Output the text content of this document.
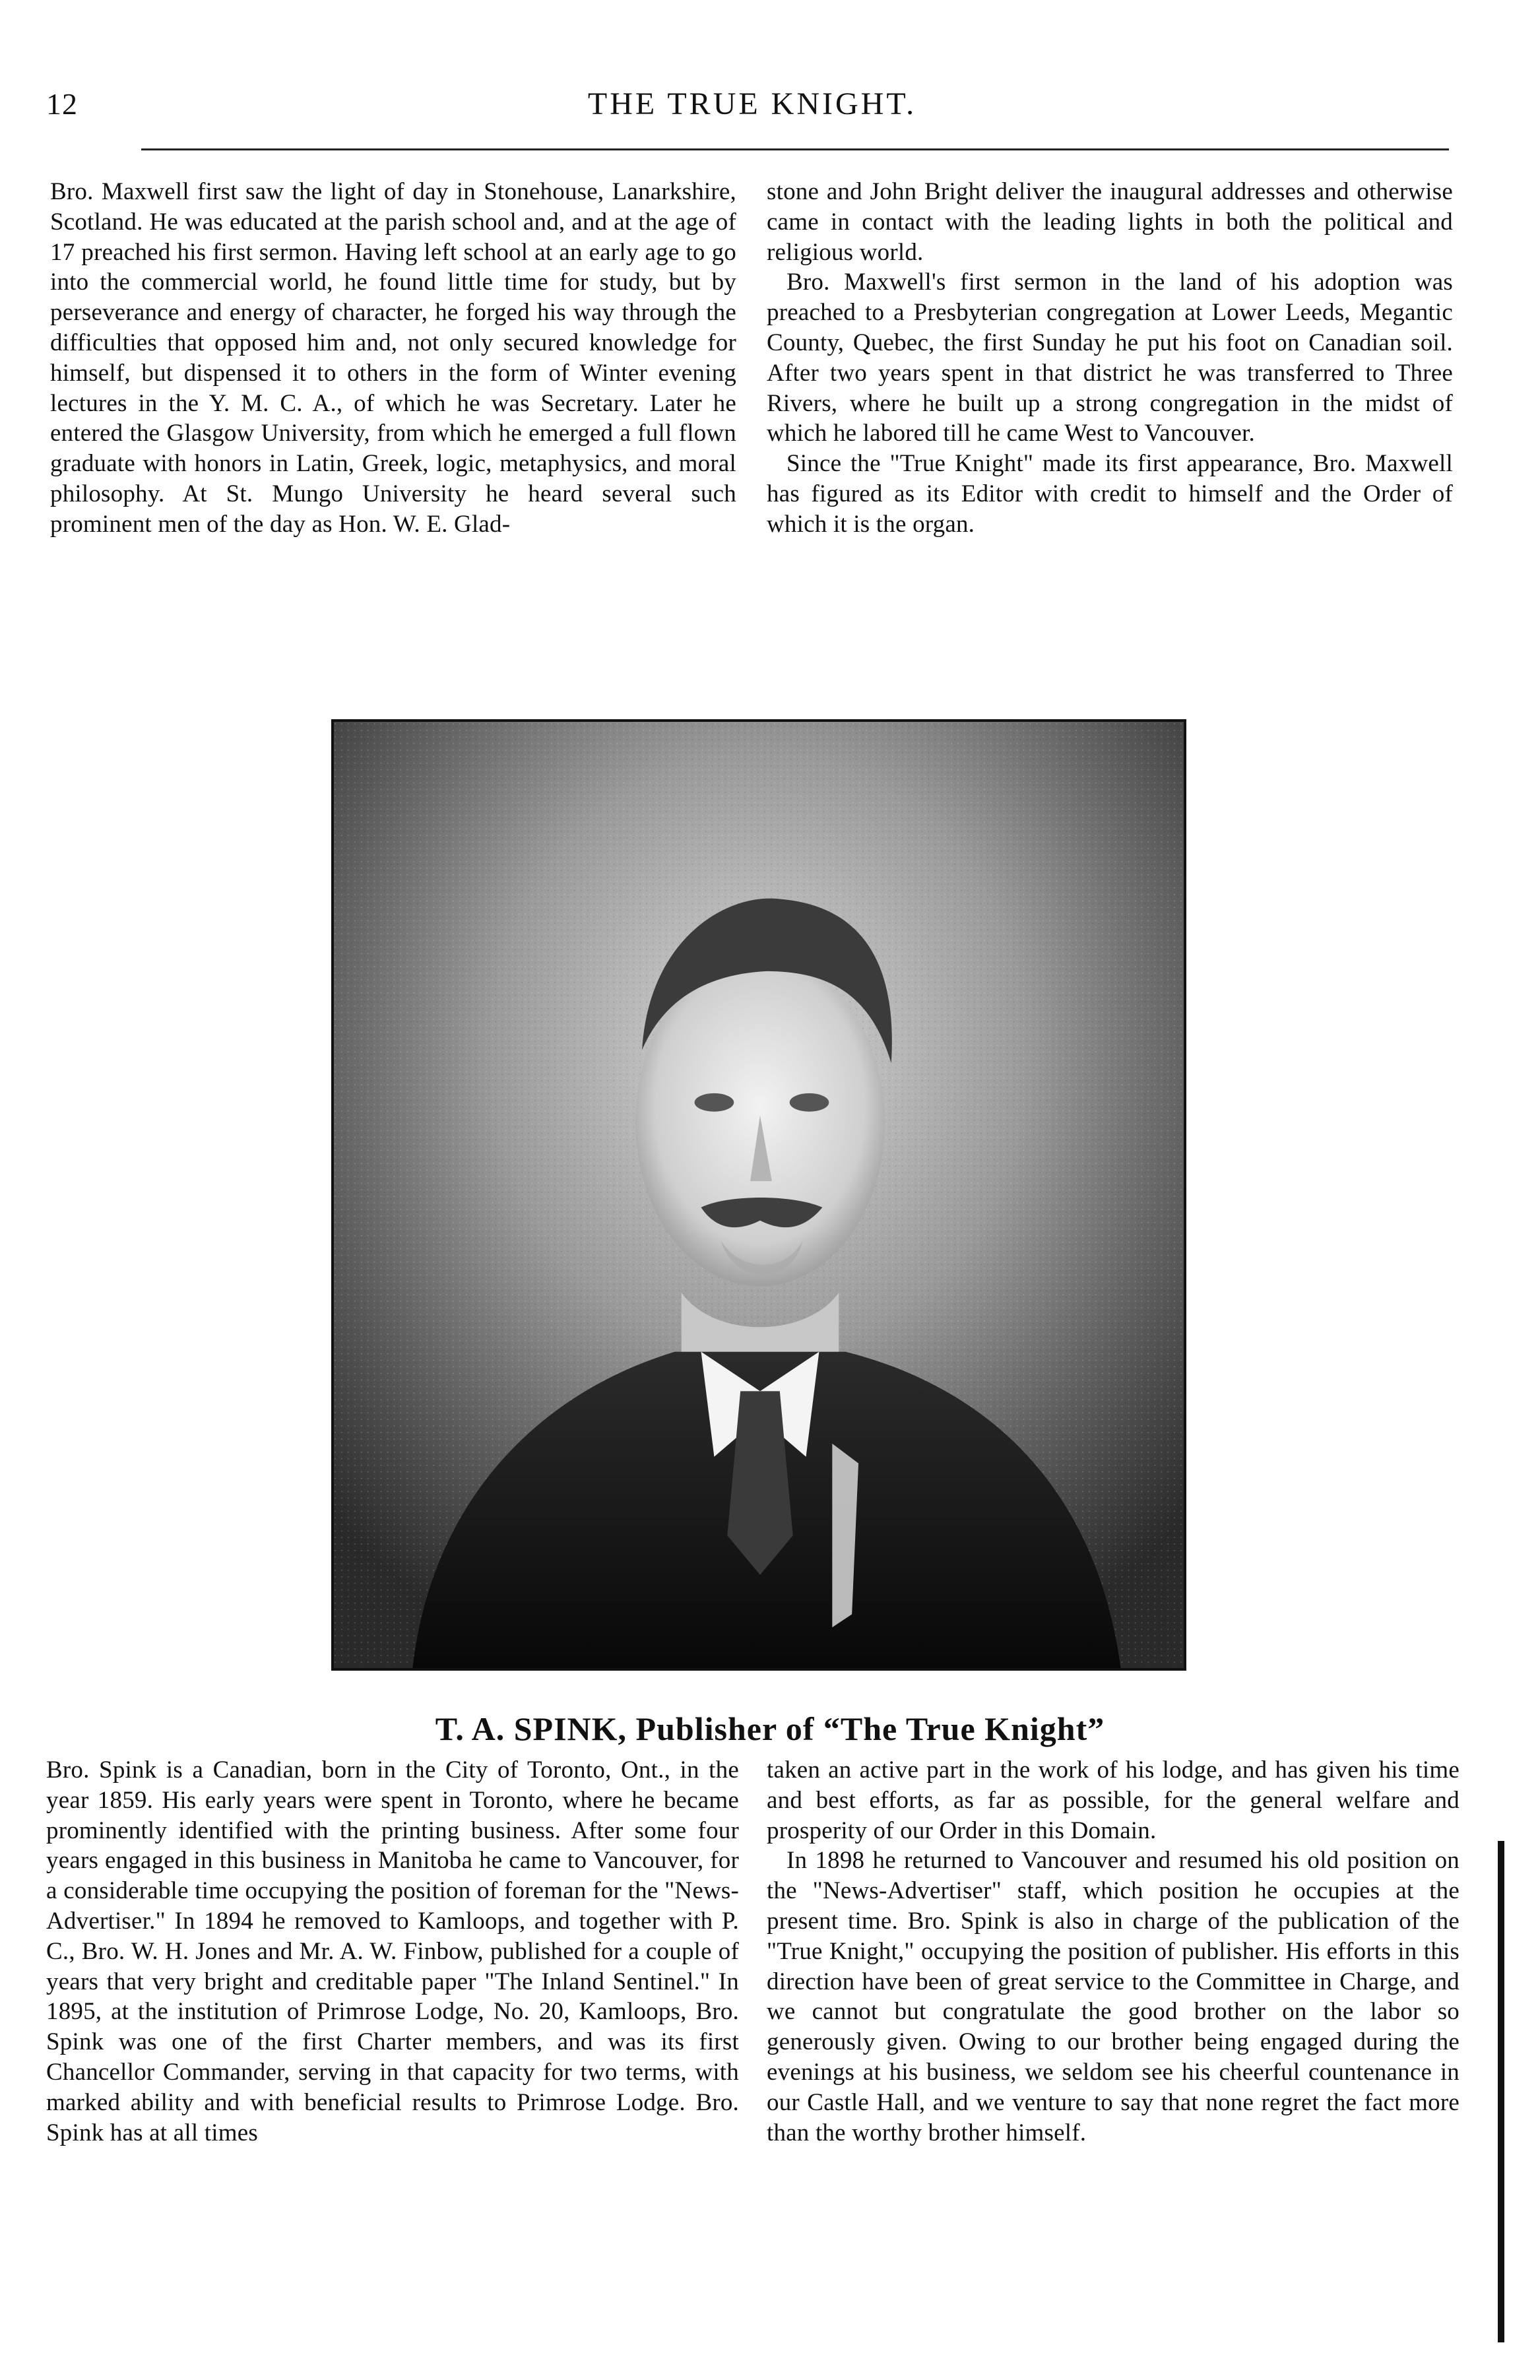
12	THE TRUE KNIGHT.

Bro. Maxwell first saw the light of day in Stonehouse, Lanarkshire, Scotland. He was educated at the parish school and, and at the age of 17 preached his first sermon. Having left school at an early age to go into the commercial world, he found little time for study, but by perseverance and energy of character, he forged his way through the difficulties that opposed him and, not only secured knowledge for himself, but dispensed it to others in the form of Winter evening lectures in the Y. M. C. A., of which he was Secretary. Later he entered the Glasgow University, from which he emerged a full flown graduate with honors in Latin, Greek, logic, metaphysics, and moral philosophy. At St. Mungo University he heard several such prominent men of the day as Hon. W. E. Glad-

stone and John Bright deliver the inaugural addresses and otherwise came in contact with the leading lights in both the political and religious world.

Bro. Maxwell's first sermon in the land of his adoption was preached to a Presbyterian congregation at Lower Leeds, Megantic County, Quebec, the first Sunday he put his foot on Canadian soil. After two years spent in that district he was transferred to Three Rivers, where he built up a strong congregation in the midst of which he labored till he came West to Vancouver.

Since the "True Knight" made its first appearance, Bro. Maxwell has figured as its Editor with credit to himself and the Order of which it is the organ.

T. A. SPINK, Publisher of “The True Knight”

Bro. Spink is a Canadian, born in the City of Toronto, Ont., in the year 1859. His early years were spent in Toronto, where he became prominently identified with the printing business. After some four years engaged in this business in Manitoba he came to Vancouver, for a considerable time occupying the position of foreman for the "News-Advertiser." In 1894 he removed to Kamloops, and together with P. C., Bro. W. H. Jones and Mr. A. W. Finbow, published for a couple of years that very bright and creditable paper "The Inland Sentinel." In 1895, at the institution of Primrose Lodge, No. 20, Kamloops, Bro. Spink was one of the first Charter members, and was its first Chancellor Commander, serving in that capacity for two terms, with marked ability and with beneficial results to Primrose Lodge. Bro. Spink has at all times

taken an active part in the work of his lodge, and has given his time and best efforts, as far as possible, for the general welfare and prosperity of our Order in this Domain.

In 1898 he returned to Vancouver and resumed his old position on the "News-Advertiser" staff, which position he occupies at the present time. Bro. Spink is also in charge of the publication of the "True Knight," occupying the position of publisher. His efforts in this direction have been of great service to the Committee in Charge, and we cannot but congratulate the good brother on the labor so generously given. Owing to our brother being engaged during the evenings at his business, we seldom see his cheerful countenance in our Castle Hall, and we venture to say that none regret the fact more than the worthy brother himself.
